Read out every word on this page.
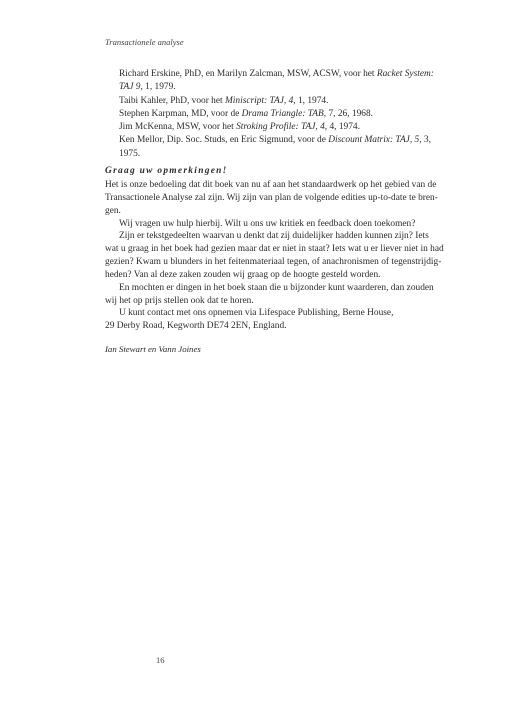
Transactionele analyse

Richard Erskine, PhD, en Marilyn Zalcman, MSW, ACSW, voor het Racket System:
TAJ 9, 1, 1979.

Taibi Kahler, PhD, voor het Miniscript: TAJ, 4, 1, 1974.

Stephen Karpman, MD, voor de Drama Triangle: TAB, 7, 26, 1968.

Jim McKenna, MSW, voor het Stroking Profile: TAJ, 4, 4, 1974.

Ken Mellor, Dip. Soc. Studs, en Eric Sigmund, voor de Discount Matrix: TAJ, 5, 3,
1975.

Graag uw opmerkingen!
Het is onze bedoeling dat dit boek van nu af aan het standaardwerk op het gebied van de
Transactionele Analyse zal zijn. Wij zijn van plan de volgende edities up-to-date te bren-
gen.
Wij vragen uw hulp hierbij. Wilt u ons uw kritiek en feedback doen toekomen?
Zijn er tekstgedeelten waarvan u denkt dat zij duidelijker hadden kunnen zijn? Iets
wat u graag in het boek had gezien maar dat er niet in staat? Iets wat u er liever niet in had
gezien? Kwam u blunders in het feitenmateriaal tegen, of anachronismen of tegenstrijdig-
heden? Van al deze zaken zouden wij graag op de hoogte gesteld worden.
En mochten er dingen in het boek staan die u bijzonder kunt waarderen, dan zouden
wij het op prijs stellen ook dat te horen.
U kunt contact met ons opnemen via Lifespace Publishing, Berne House,
29 Derby Road, Kegworth DE74 2EN, England.
Ian Stewart en Vann Joines
16
